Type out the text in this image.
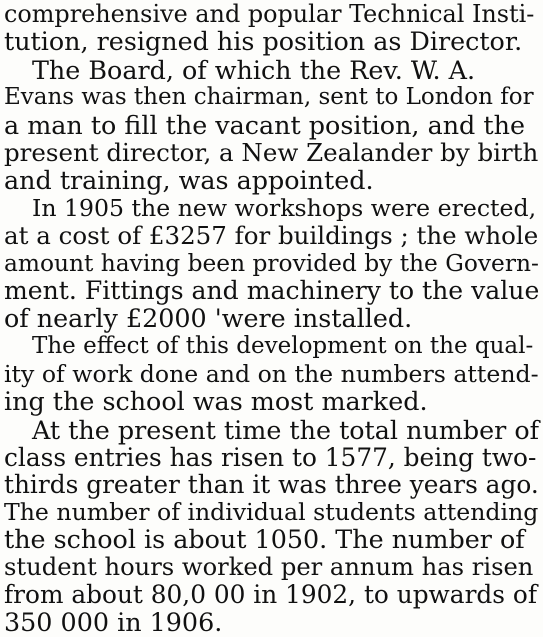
comprehensive and popular Technical Insti-
tution, resigned his position as Director.
The Board, of which the Rev. W. A.
Evans was then chairman, sent to London for
a man to fill the vacant position, and the
present director, a New Zealander by birth
and training, was appointed.
In 1905 the new workshops were erected,
at a cost of £3257 for buildings ; the whole
amount having been provided by the Govern-
ment. Fittings and machinery to the value
of nearly £2000 'were installed.
The effect of this development on the qual-
ity of work done and on the numbers attend-
ing the school was most marked.
At the present time the total number of
class entries has risen to 1577, being two-
thirds greater than it was three years ago.
The number of individual students attending
the school is about 1050. The number of
student hours worked per annum has risen
from about 80,0 00 in 1902, to upwards of
350 000 in 1906.
